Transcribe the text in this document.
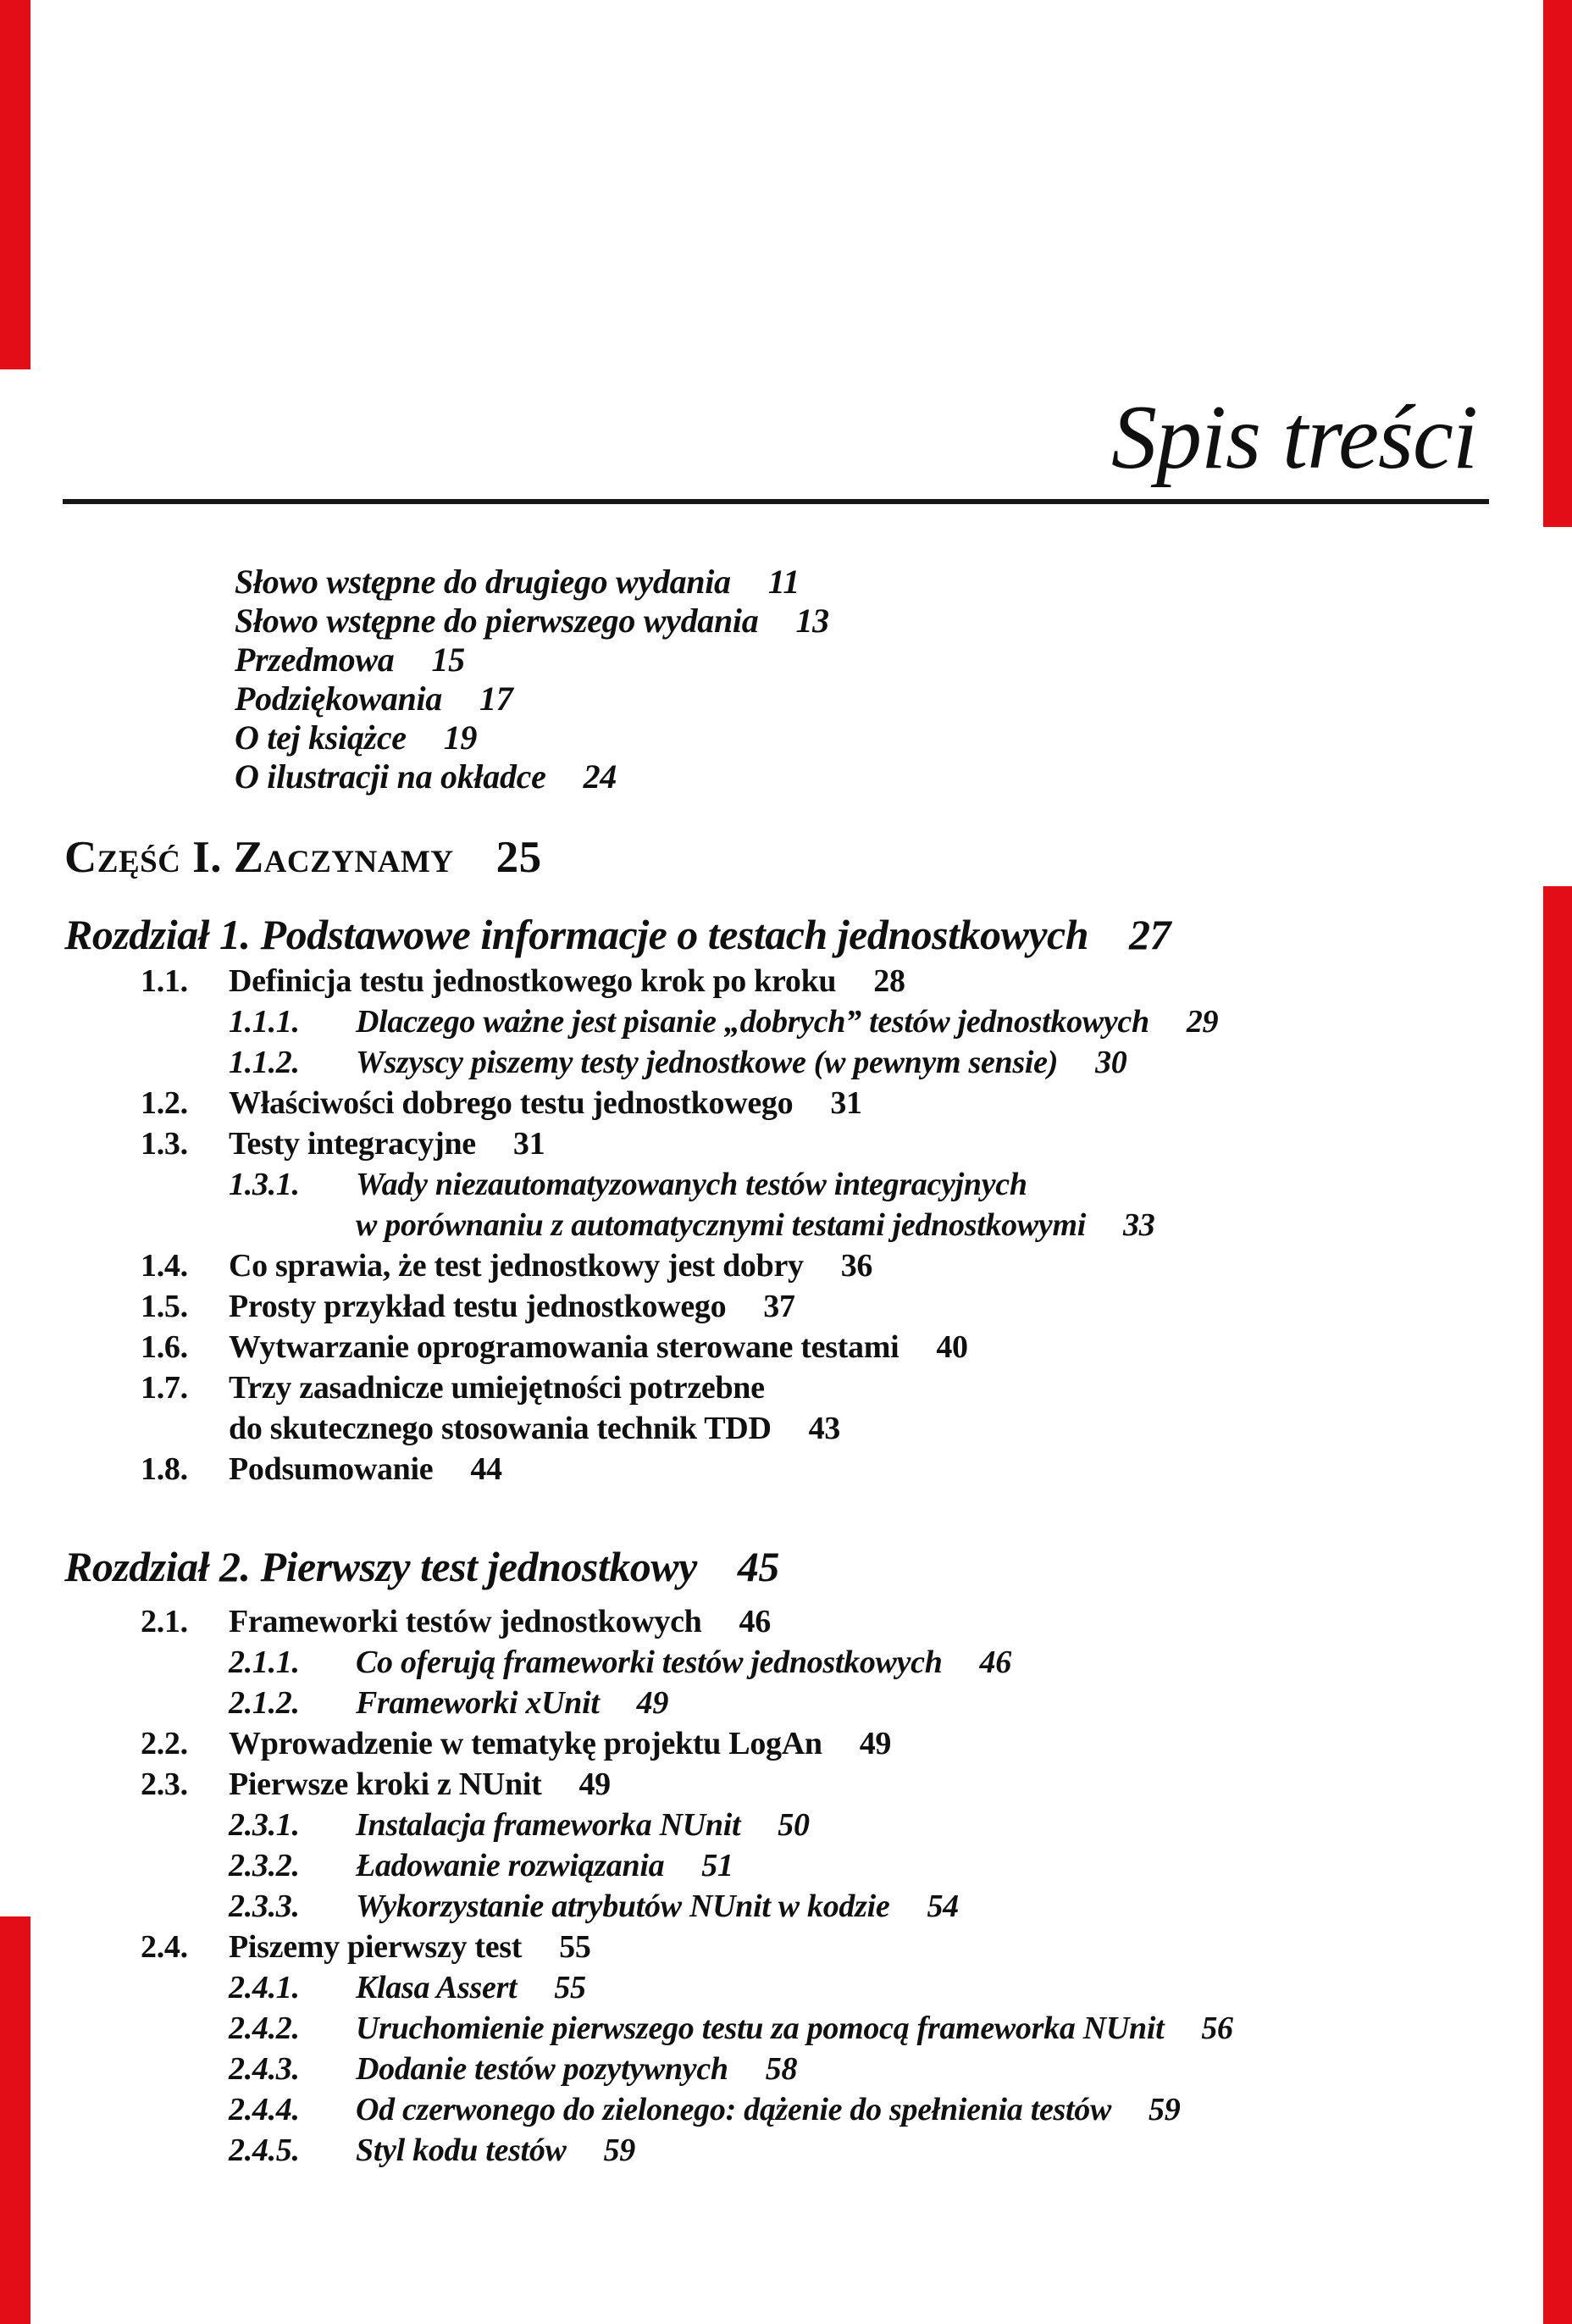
Spis treści
Słowo wstępne do drugiego wydania 11
Słowo wstępne do pierwszego wydania 13
Przedmowa 15
Podziękowania 17
O tej książce 19
O ilustracji na okładce 24
Część I. Zaczynamy 25
Rozdział 1. Podstawowe informacje o testach jednostkowych 27
1.1.	Definicja testu jednostkowego krok po kroku 28
1.1.1.	Dlaczego ważne jest pisanie „dobrych” testów jednostkowych 29
1.1.2.	Wszyscy piszemy testy jednostkowe (w pewnym sensie) 30
1.2.	Właściwości dobrego testu jednostkowego 31
1.3.	Testy integracyjne 31
1.3.1.	Wady niezautomatyzowanych testów integracyjnych
w porównaniu z automatycznymi testami jednostkowymi 33
1.4.	Co sprawia, że test jednostkowy jest dobry 36
1.5.	Prosty przykład testu jednostkowego 37
1.6.	Wytwarzanie oprogramowania sterowane testami 40
1.7.	Trzy zasadnicze umiejętności potrzebne
do skutecznego stosowania technik TDD 43
1.8.	Podsumowanie 44
Rozdział 2. Pierwszy test jednostkowy 45
2.1.	Frameworki testów jednostkowych 46
2.1.1.	Co oferują frameworki testów jednostkowych 46
2.1.2.	Frameworki xUnit 49
2.2.	Wprowadzenie w tematykę projektu LogAn 49
2.3.	Pierwsze kroki z NUnit 49
2.3.1.	Instalacja frameworka NUnit 50
2.3.2.	Ładowanie rozwiązania 51
2.3.3.	Wykorzystanie atrybutów NUnit w kodzie 54
2.4.	Piszemy pierwszy test 55
2.4.1.	Klasa Assert 55
2.4.2.	Uruchomienie pierwszego testu za pomocą frameworka NUnit 56
2.4.3.	Dodanie testów pozytywnych 58
2.4.4.	Od czerwonego do zielonego: dążenie do spełnienia testów 59
2.4.5.	Styl kodu testów 59
